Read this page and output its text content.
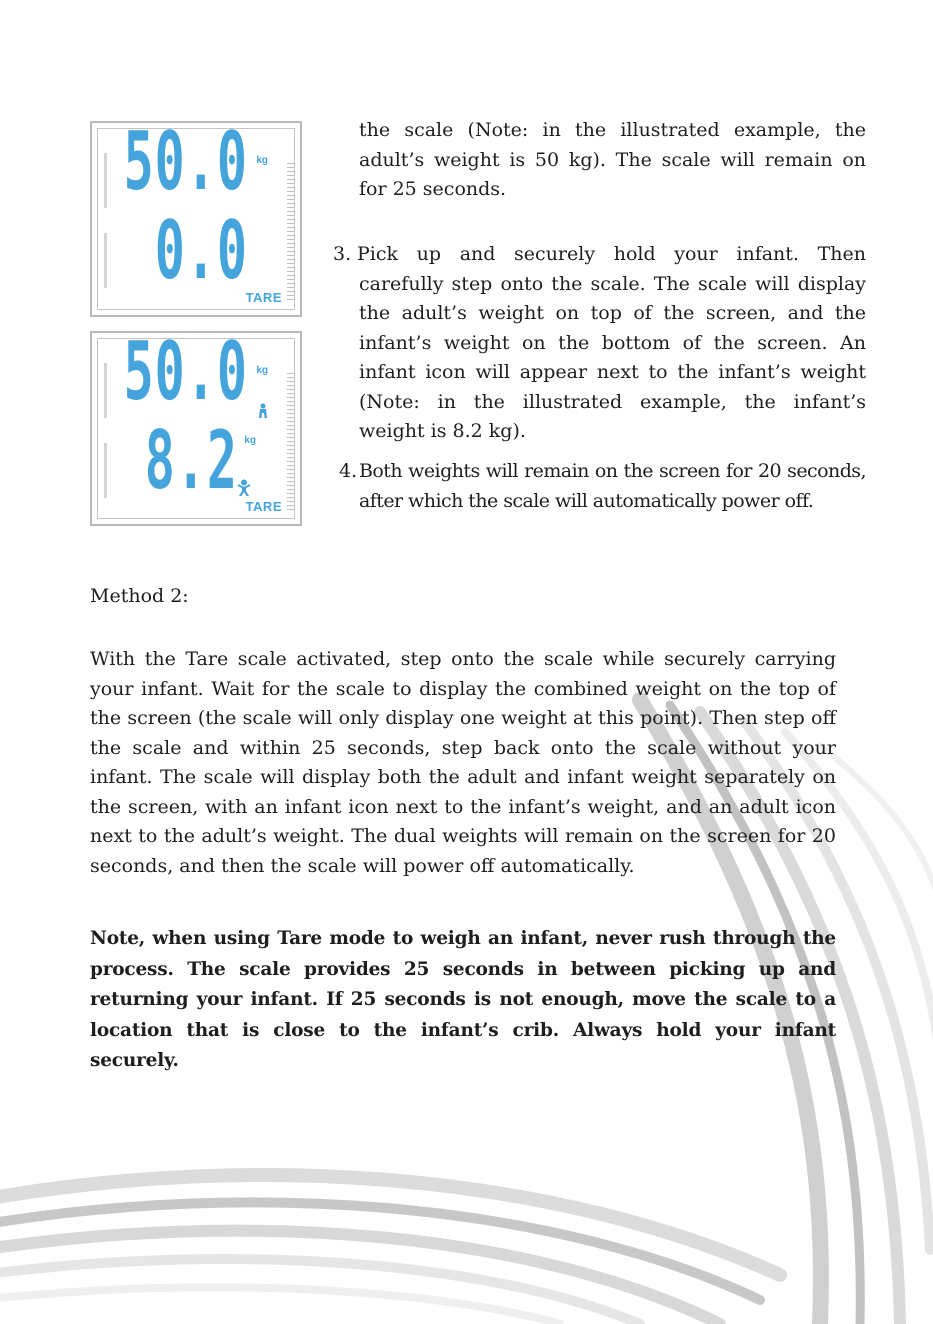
50.0 kg
0.0
TARE
50.0 kg
8.2 kg
TARE

the scale (Note: in the illustrated example, the adult’s weight is 50 kg). The scale will remain on for 25 seconds.

3. Pick up and securely hold your infant. Then carefully step onto the scale. The scale will display the adult’s weight on top of the screen, and the infant’s weight on the bottom of the screen. An infant icon will appear next to the infant’s weight (Note: in the illustrated example, the infant’s weight is 8.2 kg).

4. Both weights will remain on the screen for 20 seconds, after which the scale will automatically power off.

Method 2:

With the Tare scale activated, step onto the scale while securely carrying your infant. Wait for the scale to display the combined weight on the top of the screen (the scale will only display one weight at this point). Then step off the scale and within 25 seconds, step back onto the scale without your infant. The scale will display both the adult and infant weight separately on the screen, with an infant icon next to the infant’s weight, and an adult icon next to the adult’s weight. The dual weights will remain on the screen for 20 seconds, and then the scale will power off automatically.

Note, when using Tare mode to weigh an infant, never rush through the process. The scale provides 25 seconds in between picking up and returning your infant. If 25 seconds is not enough, move the scale to a location that is close to the infant’s crib. Always hold your infant securely.
